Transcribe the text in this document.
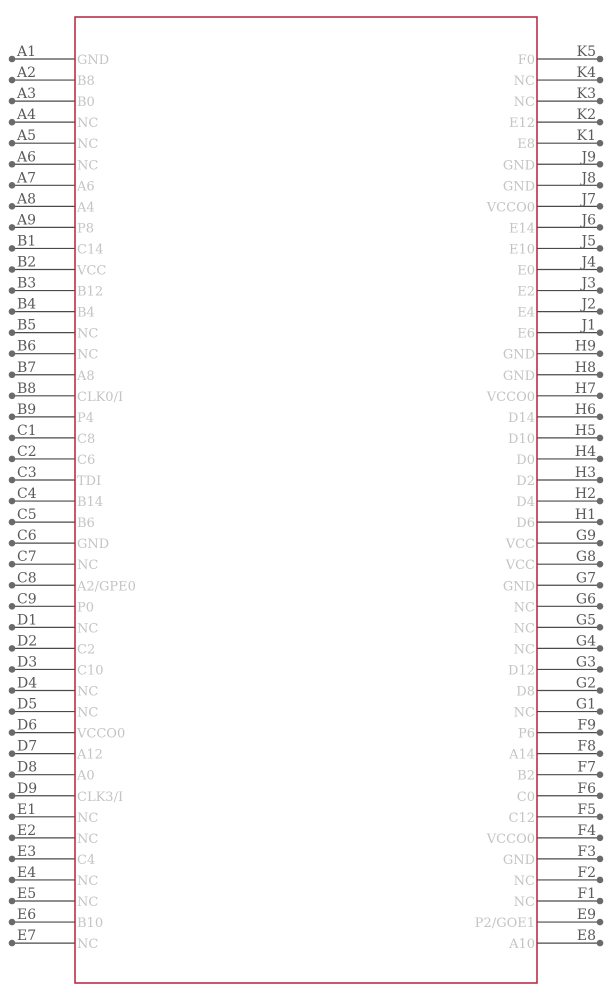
A1
GND
A2
B8
A3
B0
A4
NC
A5
NC
A6
NC
A7
A6
A8
A4
A9
P8
B1
C14
B2
VCC
B3
B12
B4
B4
B5
NC
B6
NC
B7
A8
B8
CLK0/I
B9
P4
C1
C8
C2
C6
C3
TDI
C4
B14
C5
B6
C6
GND
C7
NC
C8
A2/GPE0
C9
P0
D1
NC
D2
C2
D3
C10
D4
NC
D5
NC
D6
VCCO0
D7
A12
D8
A0
D9
CLK3/I
E1
NC
E2
NC
E3
C4
E4
NC
E5
NC
E6
B10
E7
NC
K5
F0
K4
NC
K3
NC
K2
E12
K1
E8
J9
GND
J8
GND
J7
VCCO0
J6
E14
J5
E10
J4
E0
J3
E2
J2
E4
J1
E6
H9
GND
H8
GND
H7
VCCO0
H6
D14
H5
D10
H4
D0
H3
D2
H2
D4
H1
D6
G9
VCC
G8
VCC
G7
GND
G6
NC
G5
NC
G4
NC
G3
D12
G2
D8
G1
NC
F9
P6
F8
A14
F7
B2
F6
C0
F5
C12
F4
VCCO0
F3
GND
F2
NC
F1
NC
E9
P2/GOE1
E8
A10
